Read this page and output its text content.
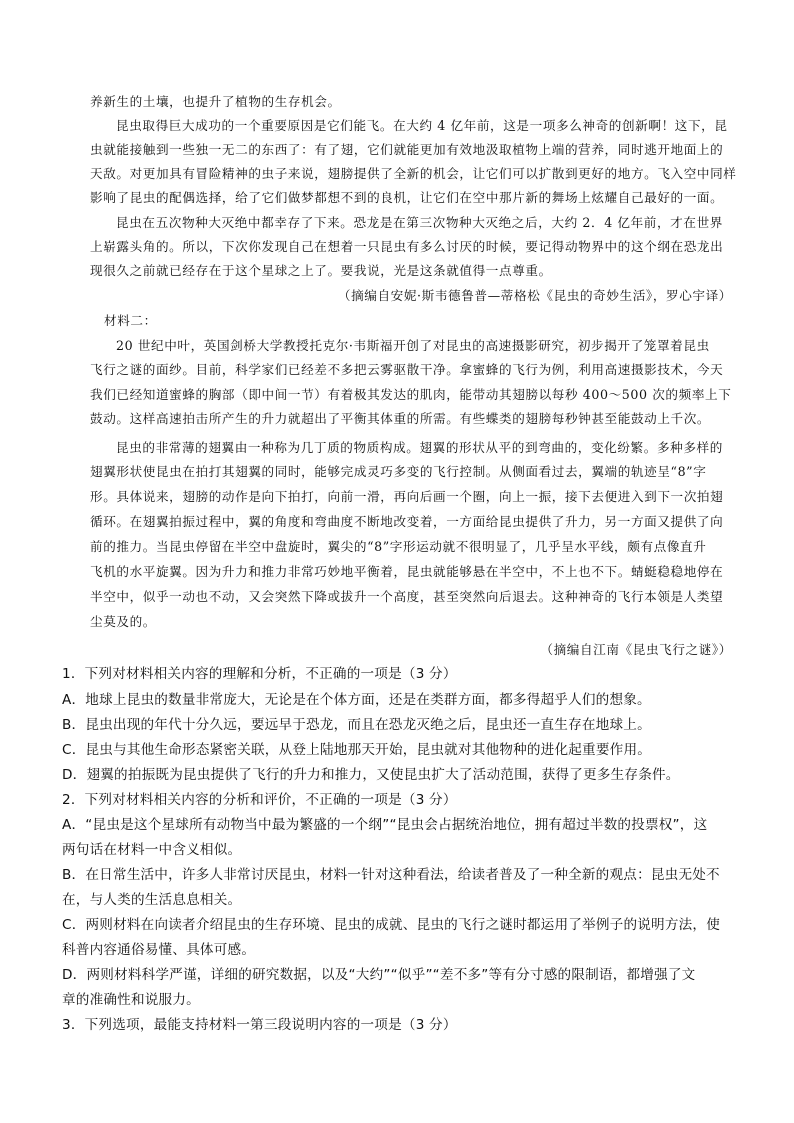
养新生的土壤，也提升了植物的生存机会。
昆虫取得巨大成功的一个重要原因是它们能飞。在大约 4 亿年前，这是一项多么神奇的创新啊！这下，昆
虫就能接触到一些独一无二的东西了：有了翅，它们就能更加有效地汲取植物上端的营养，同时逃开地面上的
天敌。对更加具有冒险精神的虫子来说，翅膀提供了全新的机会，让它们可以扩散到更好的地方。飞入空中同样
影响了昆虫的配偶选择，给了它们做梦都想不到的良机，让它们在空中那片新的舞场上炫耀自己最好的一面。
昆虫在五次物种大灭绝中都幸存了下来。恐龙是在第三次物种大灭绝之后，大约 2．4 亿年前，才在世界
上崭露头角的。所以，下次你发现自己在想着一只昆虫有多么讨厌的时候，要记得动物界中的这个纲在恐龙出
现很久之前就已经存在于这个星球之上了。要我说，光是这条就值得一点尊重。
（摘编自安妮·斯韦德鲁普—蒂格松《昆虫的奇妙生活》，罗心宇译）
材料二：
20 世纪中叶，英国剑桥大学教授托克尔·韦斯福开创了对昆虫的高速摄影研究，初步揭开了笼罩着昆虫
飞行之谜的面纱。目前，科学家们已经差不多把云雾驱散干净。拿蜜蜂的飞行为例，利用高速摄影技术，今天
我们已经知道蜜蜂的胸部（即中间一节）有着极其发达的肌肉，能带动其翅膀以每秒 400～500 次的频率上下
鼓动。这样高速拍击所产生的升力就超出了平衡其体重的所需。有些蝶类的翅膀每秒钟甚至能鼓动上千次。
昆虫的非常薄的翅翼由一种称为几丁质的物质构成。翅翼的形状从平的到弯曲的，变化纷繁。多种多样的
翅翼形状使昆虫在拍打其翅翼的同时，能够完成灵巧多变的飞行控制。从侧面看过去，翼端的轨迹呈“8”字
形。具体说来，翅膀的动作是向下拍打，向前一滑，再向后画一个圈，向上一振，接下去便进入到下一次拍翅
循环。在翅翼拍振过程中，翼的角度和弯曲度不断地改变着，一方面给昆虫提供了升力，另一方面又提供了向
前的推力。当昆虫停留在半空中盘旋时，翼尖的“8”字形运动就不很明显了，几乎呈水平线，颇有点像直升
飞机的水平旋翼。因为升力和推力非常巧妙地平衡着，昆虫就能够悬在半空中，不上也不下。蜻蜓稳稳地停在
半空中，似乎一动也不动，又会突然下降或拔升一个高度，甚至突然向后退去。这种神奇的飞行本领是人类望
尘莫及的。
（摘编自江南《昆虫飞行之谜》）
1．下列对材料相关内容的理解和分析，不正确的一项是（3 分）
A．地球上昆虫的数量非常庞大，无论是在个体方面，还是在类群方面，都多得超乎人们的想象。
B．昆虫出现的年代十分久远，要远早于恐龙，而且在恐龙灭绝之后，昆虫还一直生存在地球上。
C．昆虫与其他生命形态紧密关联，从登上陆地那天开始，昆虫就对其他物种的进化起重要作用。
D．翅翼的拍振既为昆虫提供了飞行的升力和推力，又使昆虫扩大了活动范围，获得了更多生存条件。
2．下列对材料相关内容的分析和评价，不正确的一项是（3 分）
A．“昆虫是这个星球所有动物当中最为繁盛的一个纲”“昆虫会占据统治地位，拥有超过半数的投票权”，这
两句话在材料一中含义相似。
B．在日常生活中，许多人非常讨厌昆虫，材料一针对这种看法，给读者普及了一种全新的观点：昆虫无处不
在，与人类的生活息息相关。
C．两则材料在向读者介绍昆虫的生存环境、昆虫的成就、昆虫的飞行之谜时都运用了举例子的说明方法，使
科普内容通俗易懂、具体可感。
D．两则材料科学严谨，详细的研究数据，以及“大约”“似乎”“差不多”等有分寸感的限制语，都增强了文
章的准确性和说服力。
3．下列选项，最能支持材料一第三段说明内容的一项是（3 分）
